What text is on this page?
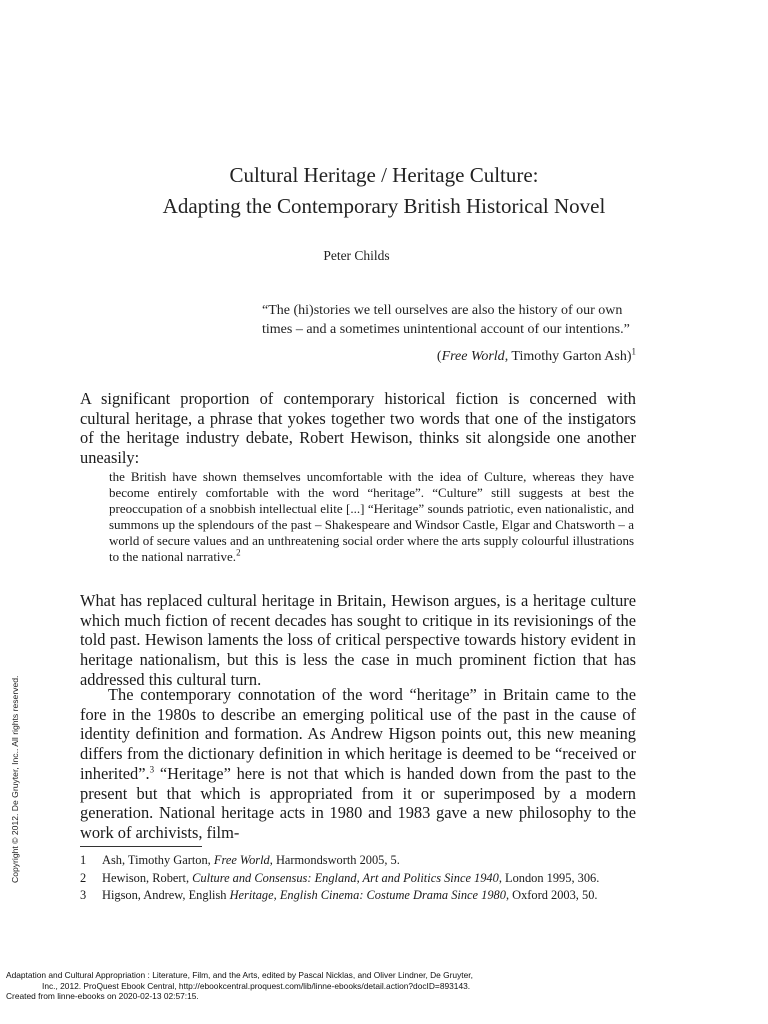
Cultural Heritage / Heritage Culture:
Adapting the Contemporary British Historical Novel
Peter Childs
“The (hi)stories we tell ourselves are also the history of our own times – and a sometimes unintentional account of our intentions.”
(Free World, Timothy Garton Ash)$^1$
A significant proportion of contemporary historical fiction is concerned with cultural heritage, a phrase that yokes together two words that one of the instigators of the heritage industry debate, Robert Hewison, thinks sit alongside one another uneasily:
the British have shown themselves uncomfortable with the idea of Culture, whereas they have become entirely comfortable with the word “heritage”. “Culture” still suggests at best the preoccupation of a snobbish intellectual elite [...] “Heritage” sounds patriotic, even nationalistic, and summons up the splendours of the past – Shakespeare and Windsor Castle, Elgar and Chatsworth – a world of secure values and an unthreatening social order where the arts supply colourful illustrations to the national narrative.$^2$
What has replaced cultural heritage in Britain, Hewison argues, is a heritage culture which much fiction of recent decades has sought to critique in its revisionings of the told past. Hewison laments the loss of critical perspective towards history evident in heritage nationalism, but this is less the case in much prominent fiction that has addressed this cultural turn.
The contemporary connotation of the word “heritage” in Britain came to the fore in the 1980s to describe an emerging political use of the past in the cause of identity definition and formation. As Andrew Higson points out, this new meaning differs from the dictionary definition in which heritage is deemed to be “received or inherited”.$^3$ “Heritage” here is not that which is handed down from the past to the present but that which is appropriated from it or superimposed by a modern generation. National heritage acts in 1980 and 1983 gave a new philosophy to the work of archivists, film-
1	Ash, Timothy Garton, Free World, Harmondsworth 2005, 5.
2	Hewison, Robert, Culture and Consensus: England, Art and Politics Since 1940, London 1995, 306.
3	Higson, Andrew, English Heritage, English Cinema: Costume Drama Since 1980, Oxford 2003, 50.
Copyright © 2012. De Gruyter, Inc.. All rights reserved.
Adaptation and Cultural Appropriation : Literature, Film, and the Arts, edited by Pascal Nicklas, and Oliver Lindner, De Gruyter,
Inc., 2012. ProQuest Ebook Central, http://ebookcentral.proquest.com/lib/linne-ebooks/detail.action?docID=893143.
Created from linne-ebooks on 2020-02-13 02:57:15.
